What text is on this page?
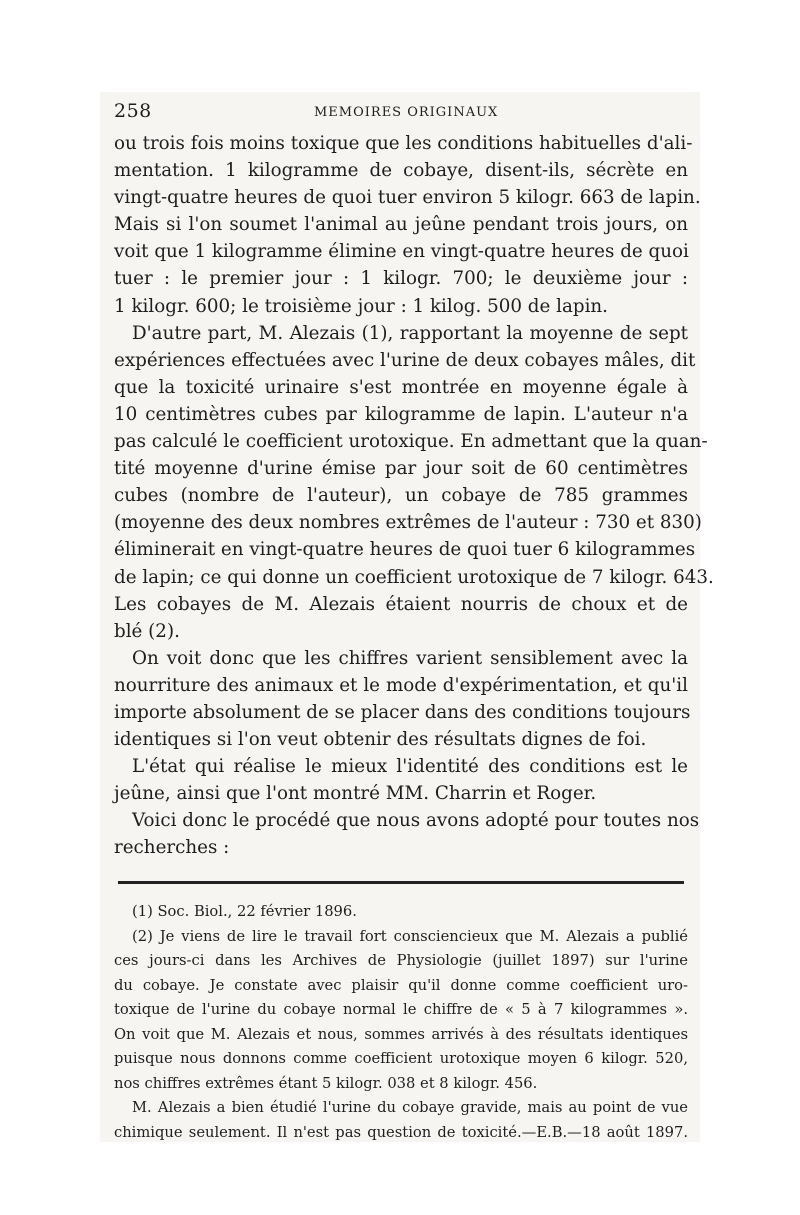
258	MEMOIRES ORIGINAUX
ou trois fois moins toxique que les conditions habituelles d'ali-
mentation. 1 kilogramme de cobaye, disent-ils, sécrète en
vingt-quatre heures de quoi tuer environ 5 kilogr. 663 de lapin.
Mais si l'on soumet l'animal au jeûne pendant trois jours, on
voit que 1 kilogramme élimine en vingt-quatre heures de quoi
tuer : le premier jour : 1 kilogr. 700; le deuxième jour :
1 kilogr. 600; le troisième jour : 1 kilog. 500 de lapin.
D'autre part, M. Alezais (1), rapportant la moyenne de sept
expériences effectuées avec l'urine de deux cobayes mâles, dit
que la toxicité urinaire s'est montrée en moyenne égale à
10 centimètres cubes par kilogramme de lapin. L'auteur n'a
pas calculé le coefficient urotoxique. En admettant que la quan-
tité moyenne d'urine émise par jour soit de 60 centimètres
cubes (nombre de l'auteur), un cobaye de 785 grammes
(moyenne des deux nombres extrêmes de l'auteur : 730 et 830)
éliminerait en vingt-quatre heures de quoi tuer 6 kilogrammes
de lapin; ce qui donne un coefficient urotoxique de 7 kilogr. 643.
Les cobayes de M. Alezais étaient nourris de choux et de
blé (2).
On voit donc que les chiffres varient sensiblement avec la
nourriture des animaux et le mode d'expérimentation, et qu'il
importe absolument de se placer dans des conditions toujours
identiques si l'on veut obtenir des résultats dignes de foi.
L'état qui réalise le mieux l'identité des conditions est le
jeûne, ainsi que l'ont montré MM. Charrin et Roger.
Voici donc le procédé que nous avons adopté pour toutes nos
recherches :
(1) Soc. Biol., 22 février 1896.
(2) Je viens de lire le travail fort consciencieux que M. Alezais a publié
ces jours-ci dans les Archives de Physiologie (juillet 1897) sur l'urine
du cobaye. Je constate avec plaisir qu'il donne comme coefficient uro-
toxique de l'urine du cobaye normal le chiffre de « 5 à 7 kilogrammes ».
On voit que M. Alezais et nous, sommes arrivés à des résultats identiques
puisque nous donnons comme coefficient urotoxique moyen 6 kilogr. 520,
nos chiffres extrêmes étant 5 kilogr. 038 et 8 kilogr. 456.
M. Alezais a bien étudié l'urine du cobaye gravide, mais au point de vue
chimique seulement. Il n'est pas question de toxicité.—E.B.—18 août 1897.
